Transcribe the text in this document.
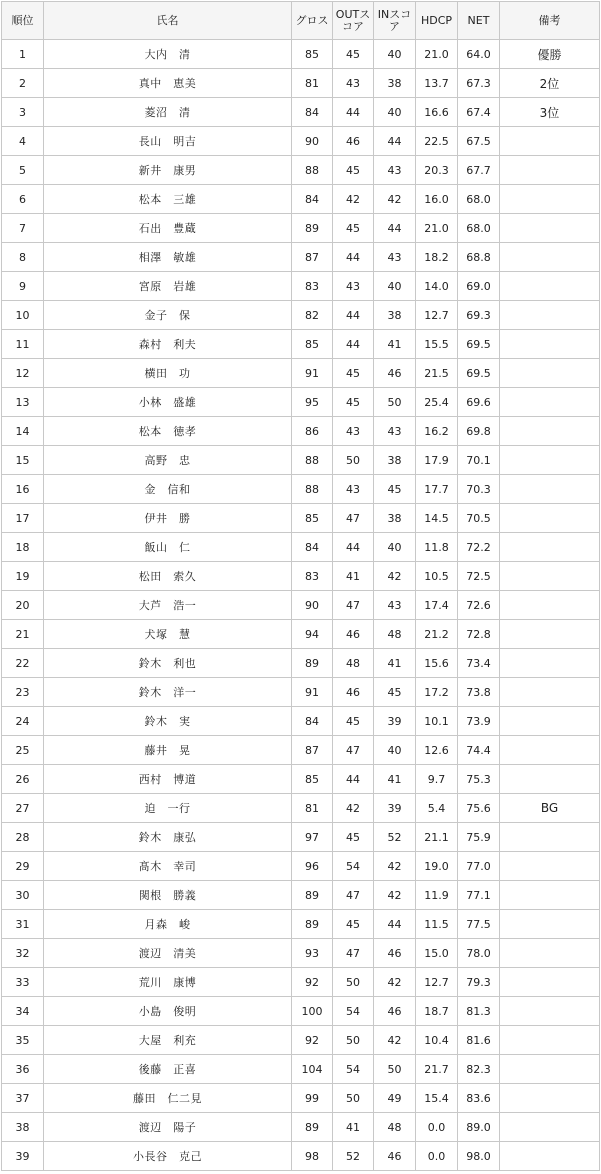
順位	氏名	グロス	OUTスコア	INスコア	HDCP	NET	備考
1	大内　清	85	45	40	21.0	64.0	優勝
2	真中　恵美	81	43	38	13.7	67.3	2位
3	菱沼　清	84	44	40	16.6	67.4	3位
4	長山　明吉	90	46	44	22.5	67.5	
5	新井　康男	88	45	43	20.3	67.7	
6	松本　三雄	84	42	42	16.0	68.0	
7	石出　豊蔵	89	45	44	21.0	68.0	
8	相澤　敏雄	87	44	43	18.2	68.8	
9	宮原　岩雄	83	43	40	14.0	69.0	
10	金子　保	82	44	38	12.7	69.3	
11	森村　利夫	85	44	41	15.5	69.5	
12	横田　功	91	45	46	21.5	69.5	
13	小林　盛雄	95	45	50	25.4	69.6	
14	松本　徳孝	86	43	43	16.2	69.8	
15	高野　忠	88	50	38	17.9	70.1	
16	金　信和	88	43	45	17.7	70.3	
17	伊井　勝	85	47	38	14.5	70.5	
18	飯山　仁	84	44	40	11.8	72.2	
19	松田　索久	83	41	42	10.5	72.5	
20	大芦　浩一	90	47	43	17.4	72.6	
21	犬塚　慧	94	46	48	21.2	72.8	
22	鈴木　利也	89	48	41	15.6	73.4	
23	鈴木　洋一	91	46	45	17.2	73.8	
24	鈴木　実	84	45	39	10.1	73.9	
25	藤井　晃	87	47	40	12.6	74.4	
26	西村　博道	85	44	41	9.7	75.3	
27	迫　一行	81	42	39	5.4	75.6	BG
28	鈴木　康弘	97	45	52	21.1	75.9	
29	髙木　幸司	96	54	42	19.0	77.0	
30	関根　勝義	89	47	42	11.9	77.1	
31	月森　峻	89	45	44	11.5	77.5	
32	渡辺　清美	93	47	46	15.0	78.0	
33	荒川　康博	92	50	42	12.7	79.3	
34	小島　俊明	100	54	46	18.7	81.3	
35	大屋　利充	92	50	42	10.4	81.6	
36	後藤　正喜	104	54	50	21.7	82.3	
37	藤田　仁二見	99	50	49	15.4	83.6	
38	渡辺　陽子	89	41	48	0.0	89.0	
39	小長谷　克己	98	52	46	0.0	98.0	
